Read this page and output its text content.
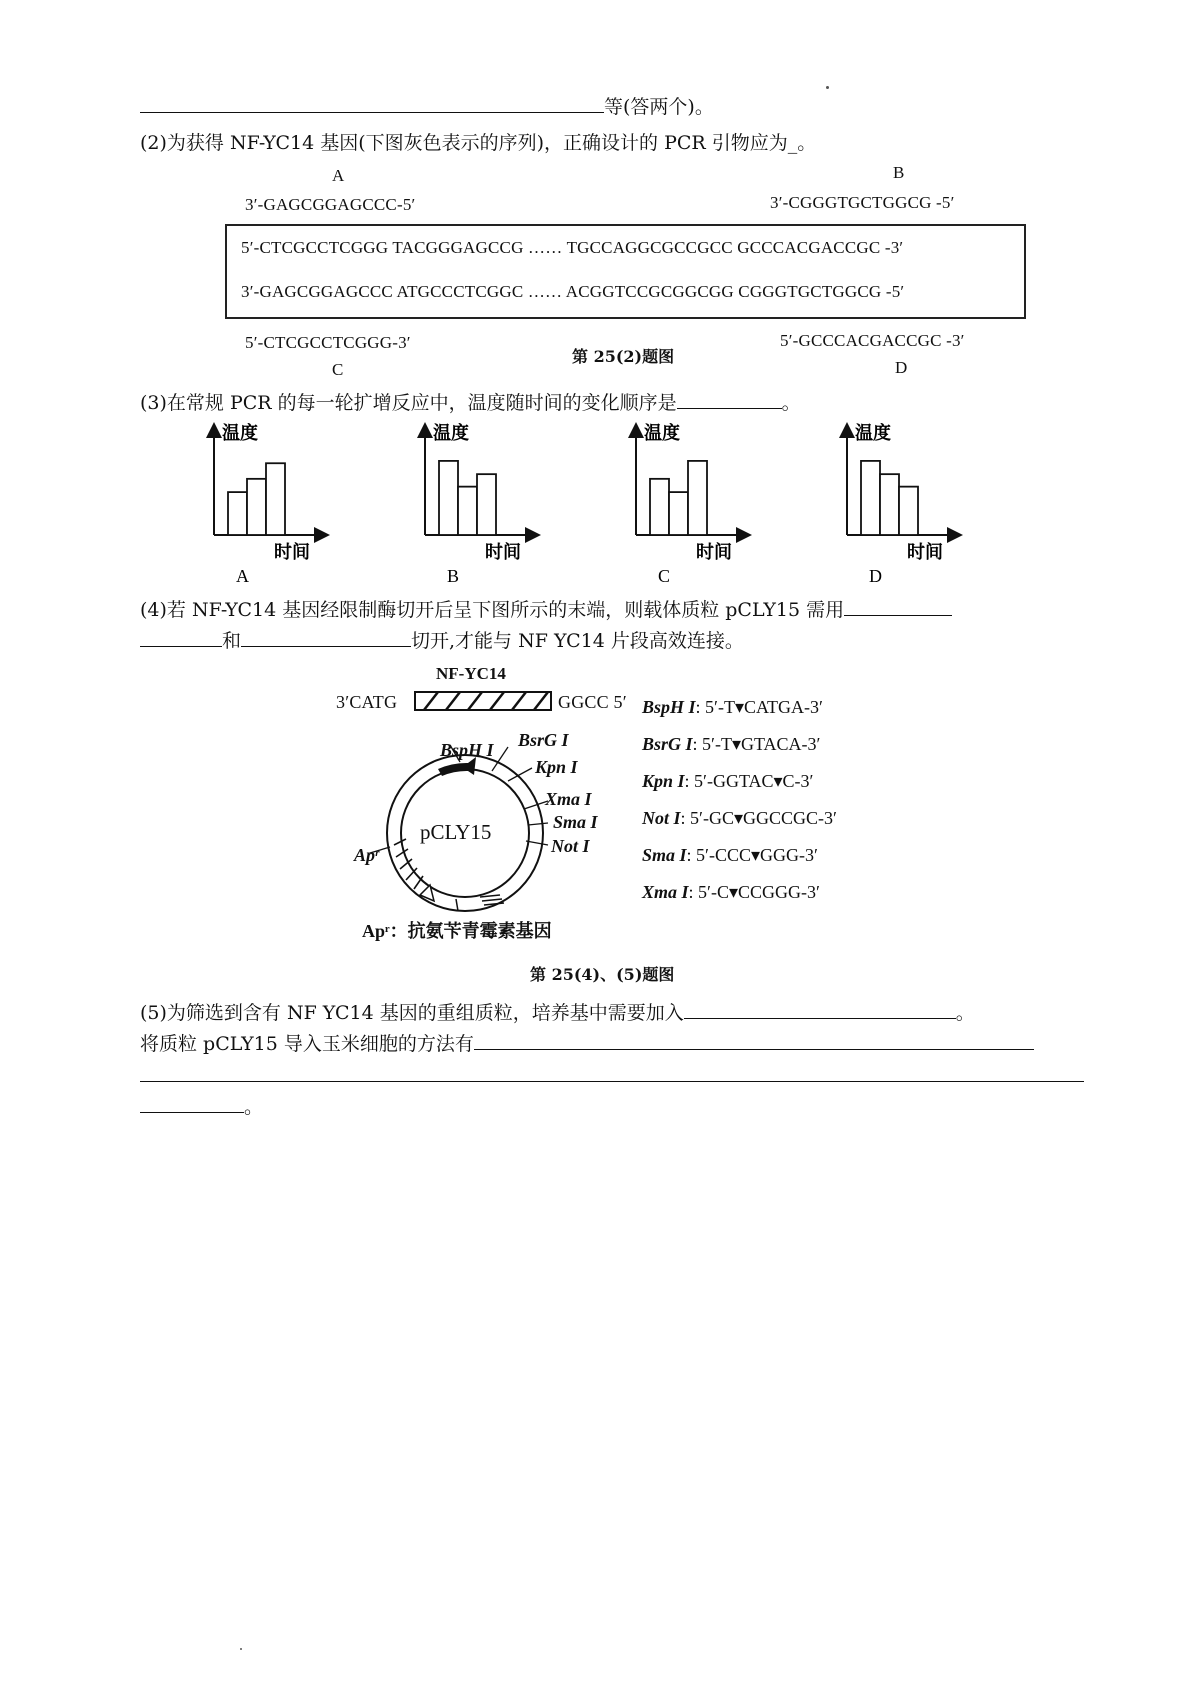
等(答两个)。
(2)为获得 NF-YC14 基因(下图灰色表示的序列)，正确设计的 PCR 引物应为_。
A
3′-GAGCGGAGCCC-5′
B
3′-CGGGTGCTGGCG -5′
5′-CTCGCCTCGGG TACGGGAGCCG …… TGCCAGGCGCCGCC GCCCACGACCGC -3′
3′-GAGCGGAGCCC ATGCCCTCGGC …… ACGGTCCGCGGCGG CGGGTGCTGGCG -5′
5′-CTCGCCTCGGG-3′
C
第 25(2)题图
5′-GCCCACGACCGC -3′
D
(3)在常规 PCR 的每一轮扩增反应中，温度随时间的变化顺序是	。
温度
时间
A
温度
时间
B
温度
时间
C
温度
时间
D
(4)若 NF-YC14 基因经限制酶切开后呈下图所示的末端，则载体质粒 pCLY15 需用
和	切开,才能与 NF YC14 片段高效连接。
NF-YC14
3′CATG	GGCC 5′
BspH I BsrG I
Kpn I
Xma I
Sma I
Not I
pCLY15
Apʳ
Apʳ：抗氨苄青霉素基因
BspH I: 5′-T▾CATGA-3′
BsrG I: 5′-T▾GTACA-3′
Kpn I: 5′-GGTAC▾C-3′
Not I: 5′-GC▾GGCCGC-3′
Sma I: 5′-CCC▾GGG-3′
Xma I: 5′-C▾CCGGG-3′
第 25(4)、(5)题图
(5)为筛选到含有 NF YC14 基因的重组质粒，培养基中需要加入	。
将质粒 pCLY15 导入玉米细胞的方法有
。
